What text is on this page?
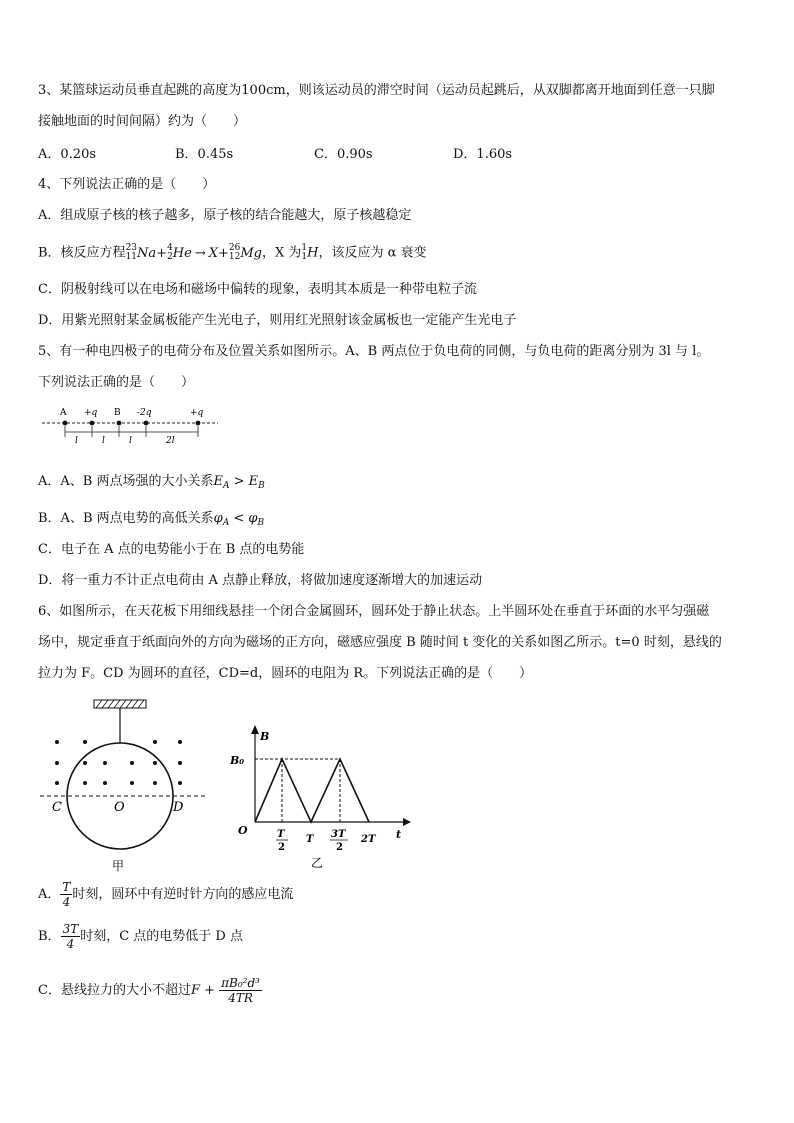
3、某篮球运动员垂直起跳的高度为100cm，则该运动员的滞空时间（运动员起跳后，从双脚都离开地面到任意一只脚
接触地面的时间间隔）约为（　　）
A．0.20s	B．0.45s	C．0.90s	D．1.60s
4、下列说法正确的是（　　）
A．组成原子核的核子越多，原子核的结合能越大，原子核越稳定
B．核反应方程 23
11 Na+ 4
2 He → X+ 26
12 Mg，X 为 1
1 H，该反应为 α 衰变
C．阴极射线可以在电场和磁场中偏转的现象，表明其本质是一种带电粒子流
D．用紫光照射某金属板能产生光电子，则用红光照射该金属板也一定能产生光电子
5、有一种电四极子的电荷分布及位置关系如图所示。A、B 两点位于负电荷的同侧，与负电荷的距离分别为 3l 与 l。
下列说法正确的是（　　）
A +q B -2q	+q
l	l	l	2l
A．A、B 两点场强的大小关系$E_A > E_B$
B．A、B 两点电势的高低关系$\varphi_A < \varphi_B$
C．电子在 A 点的电势能小于在 B 点的电势能
D．将一重力不计正点电荷由 A 点静止释放，将做加速度逐渐增大的加速运动
6、如图所示，在天花板下用细线悬挂一个闭合金属圆环，圆环处于静止状态。上半圆环处在垂直于环面的水平匀强磁
场中，规定垂直于纸面向外的方向为磁场的正方向，磁感应强度 B 随时间 t 变化的关系如图乙所示。t=0 时刻，悬线的
拉力为 F。CD 为圆环的直径，CD=d，圆环的电阻为 R。下列说法正确的是（　　）
C	O	D
甲
B
B₀
O	t
T
2
T 3T
2
2T
乙
A． $\frac{T}{4}$ 时刻，圆环中有逆时针方向的感应电流
B． $\frac{3T}{4}$ 时刻，C 点的电势低于 D 点
C．悬线拉力的大小不超过$F + \frac{\text{πB₀²d³}}{4TR}$
